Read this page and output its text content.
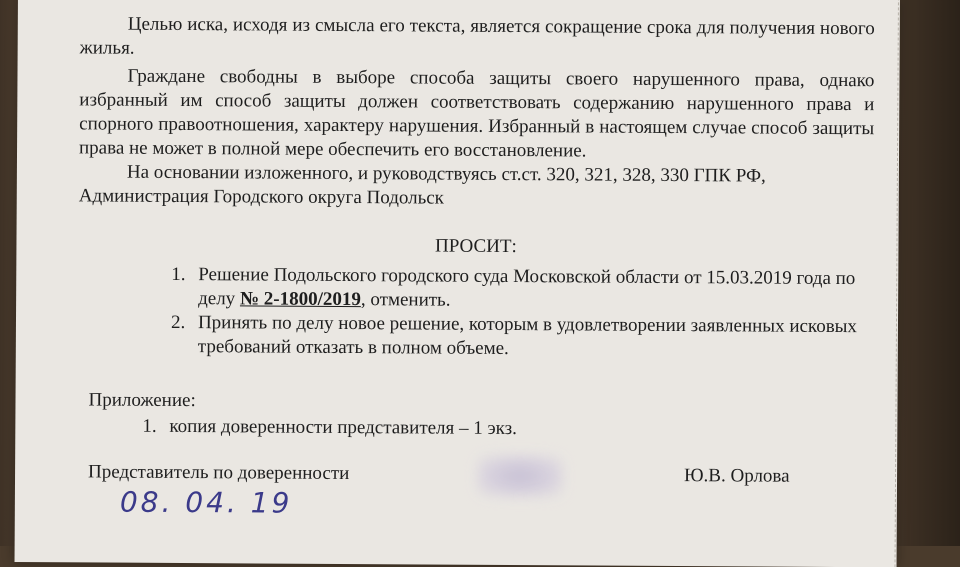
Целью иска, исходя из смысла его текста, является сокращение срока для получения нового жилья.

Граждане свободны в выборе способа защиты своего нарушенного права, однако избранный им способ защиты должен соответствовать содержанию нарушенного права и спорного правоотношения, характеру нарушения. Избранный в настоящем случае способ защиты права не может в полной мере обеспечить его восстановление.

На основании изложенного, и руководствуясь ст.ст. 320, 321, 328, 330 ГПК РФ,

Администрация Городского округа Подольск

ПРОСИТ:

1. Решение Подольского городского суда Московской области от 15.03.2019 года по делу № 2-1800/2019, отменить.
2. Принять по делу новое решение, которым в удовлетворении заявленных исковых требований отказать в полном объеме.

Приложение:

1. копия доверенности представителя – 1 экз.
Представитель по доверенности	Ю.В. Орлова
08. 04. 19
